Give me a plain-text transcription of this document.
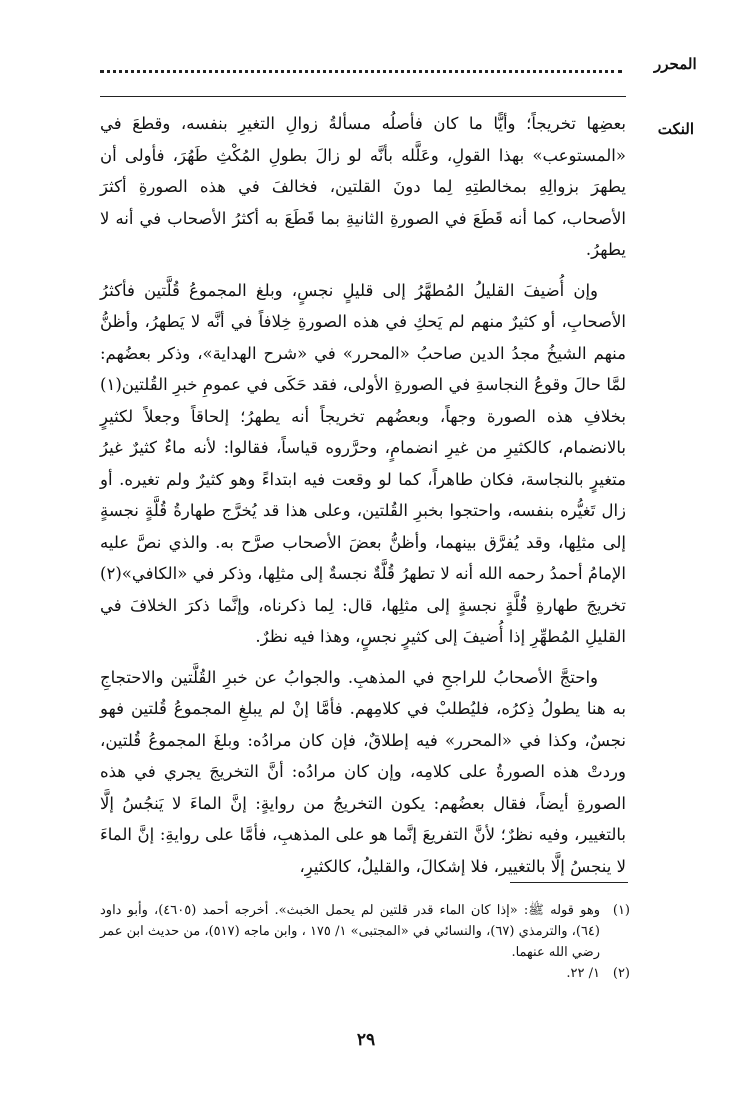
المحرر
النكت

بعضِها تخريجاً؛ وأيًّا ما كان فأصلُه مسألةُ زوالِ التغيرِ بنفسه، وقطعَ في «المستوعب» بهذا القولِ، وعَلَّله بأنَّه لو زالَ بطولِ المُكْثِ طَهُرَ، فأولى أن يطهرَ بزوالِهِ بمخالطتِهِ لِما دونَ القلتين، فخالفَ في هذه الصورةِ أكثرَ الأصحاب، كما أنه قَطَعَ في الصورةِ الثانيةِ بما قَطَعَ به أكثرُ الأصحاب في أنه لا يطهرُ.

وإن أُضيفَ القليلُ المُطهَّرُ إلى قليلٍ نجسٍ، وبلغ المجموعُ قُلَّتين فأكثرُ الأصحابِ، أو كثيرٌ منهم لم يَحكِ في هذه الصورةِ خِلافاً في أنَّه لا يَطهرُ، وأظنُّ منهم الشيخُ مجدُ الدين صاحبُ «المحرر» في «شرح الهداية»، وذكر بعضُهم: لمَّا حالَ وقوعُ النجاسةِ في الصورةِ الأولى، فقد حَكَى في عمومِ خبرِ القُلتين(١) بخلافِ هذه الصورة وجهاً، وبعضُهم تخريجاً أنه يطهرُ؛ إلحاقاً وجعلاً لكثيرٍ بالانضمام، كالكثيرِ من غيرِ انضمامٍ، وحرَّروه قياساً، فقالوا: لأنه ماءٌ كثيرٌ غيرُ متغيرٍ بالنجاسة، فكان طاهراً، كما لو وقعت فيه ابتداءً وهو كثيرٌ ولم تغيره. أو زال تَغيُّره بنفسه، واحتجوا بخبرِ القُلتين، وعلى هذا قد يُخرَّج طهارةُ قُلَّةٍ نجسةٍ إلى مثلِها، وقد يُفرَّق بينهما، وأظنُّ بعضَ الأصحاب صرَّح به. والذي نصَّ عليه الإمامُ أحمدُ رحمه الله أنه لا تطهرُ قُلَّةٌ نجسةٌ إلى مثلِها، وذكر في «الكافي»(٢) تخريجَ طهارةِ قُلَّةٍ نجسةٍ إلى مثلِها، قال: لِما ذكرناه، وإنَّما ذكرَ الخلافَ في القليلِ المُطهِّرِ إذا أُضيفَ إلى كثيرٍ نجسٍ، وهذا فيه نظرٌ.

واحتجَّ الأصحابُ للراجحِ في المذهبِ. والجوابُ عن خبرِ القُلَّتين والاحتجاجِ به هنا يطولُ ذِكرُه، فليُطلبْ في كلامِهم. فأمَّا إنْ لم يبلغِ المجموعُ قُلتين فهو نجسٌ، وكذا في «المحرر» فيه إطلاقٌ، فإن كان مرادُه: وبلغَ المجموعُ قُلتين، وردتْ هذه الصورةُ على كلامِه، وإن كان مرادُه: أنَّ التخريجَ يجري في هذه الصورةِ أيضاً، فقال بعضُهم: يكون التخريجُ من روايةٍ: إنَّ الماءَ لا يَنجُسُ إلَّا بالتغيير، وفيه نظرٌ؛ لأنَّ التفريعَ إنَّما هو على المذهبِ، فأمَّا على روايةِ: إنَّ الماءَ لا ينجسُ إلَّا بالتغيير، فلا إشكالَ، والقليلُ، كالكثيرِ،

(١)
وهو قوله ﷺ: «إذا كان الماء قدر قلتين لم يحمل الخبث». أخرجه أحمد (٤٦٠٥)، وأبو داود (٦٤)، والترمذي (٦٧)، والنسائي في «المجتبى» ١/ ١٧٥ ، وابن ماجه (٥١٧)، من حديث ابن عمر رضي الله عنهما.
(٢)
١/ ٢٢.
٢٩
